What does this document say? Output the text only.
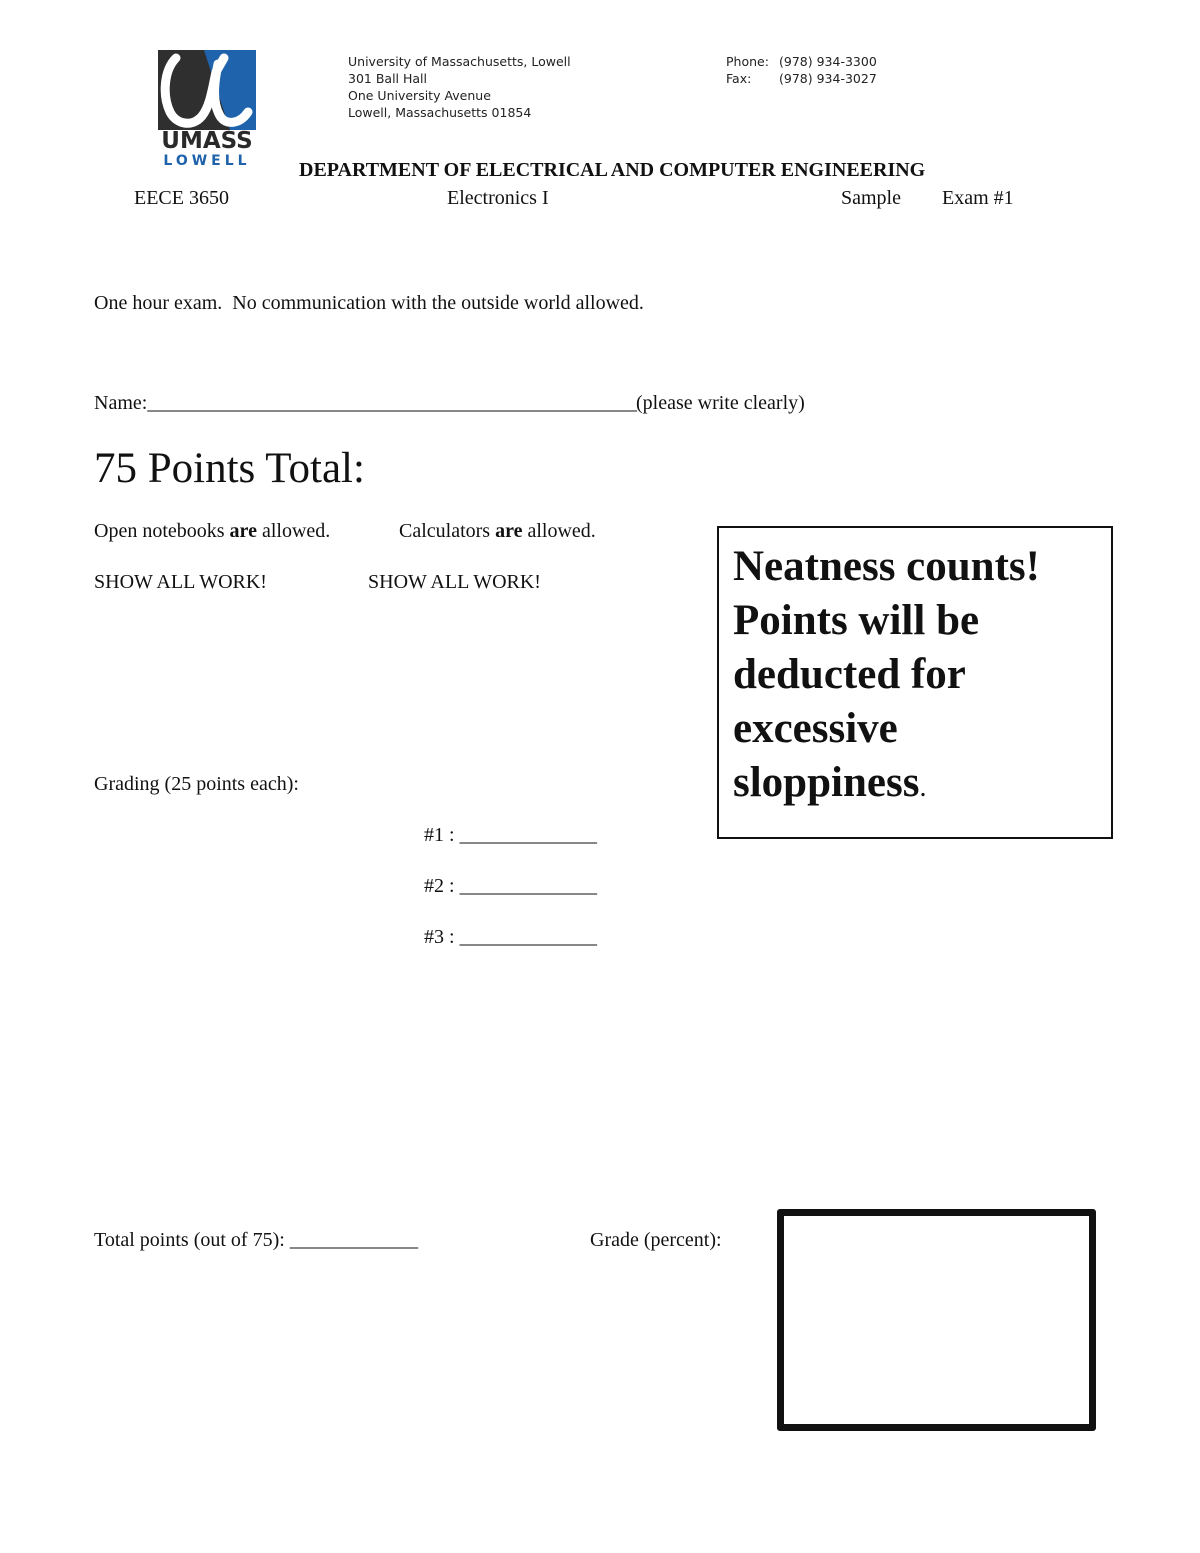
UMASS
LOWELL
University of Massachusetts, Lowell
301 Ball Hall
One University Avenue
Lowell, Massachusetts 01854
Phone: (978) 934-3300
Fax: (978) 934-3027
DEPARTMENT OF ELECTRICAL AND COMPUTER ENGINEERING
EECE 3650	Electronics I	Sample Exam #1
One hour exam.  No communication with the outside world allowed.
Name:______________________________________________________(please write clearly)
75 Points Total:
Open notebooks are allowed.	Calculators are allowed.
SHOW ALL WORK!	SHOW ALL WORK!	Neatness counts!
Points will be
deducted for
excessive
sloppiness.
Grading (25 points each):
#1 : _______________
#2 : _______________
#3 : _______________
Total points (out of 75): ______________	Grade (percent):
